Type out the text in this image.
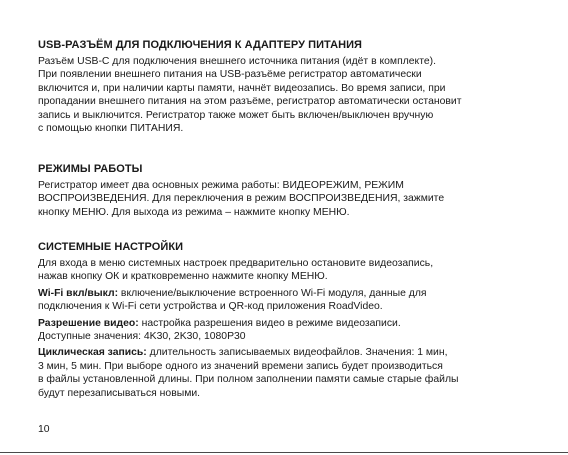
USB-РАЗЪЁМ ДЛЯ ПОДКЛЮЧЕНИЯ К АДАПТЕРУ ПИТАНИЯ

Разъём USB-С для подключения внешнего источника питания (идёт в комплекте).
При появлении внешнего питания на USB-разъёме регистратор автоматически
включится и, при наличии карты памяти, начнёт видеозапись. Во время записи, при
пропадании внешнего питания на этом разъёме, регистратор автоматически остановит
запись и выключится. Регистратор также может быть включен/выключен вручную
с помощью кнопки ПИТАНИЯ.

РЕЖИМЫ РАБОТЫ

Регистратор имеет два основных режима работы: ВИДЕОРЕЖИМ, РЕЖИМ
ВОСПРОИЗВЕДЕНИЯ. Для переключения в режим ВОСПРОИЗВЕДЕНИЯ, зажмите
кнопку МЕНЮ. Для выхода из режима – нажмите кнопку МЕНЮ.

СИСТЕМНЫЕ НАСТРОЙКИ

Для входа в меню системных настроек предварительно остановите видеозапись,
нажав кнопку ОК и кратковременно нажмите кнопку МЕНЮ.

Wi-Fi вкл/выкл: включение/выключение встроенного Wi-Fi модуля, данные для
подключения к Wi-Fi сети устройства и QR-код приложения RoadVideo.

Разрешение видео: настройка разрешения видео в режиме видеозаписи.
Доступные значения: 4K30, 2K30, 1080P30

Циклическая запись: длительность записываемых видеофайлов. Значения: 1 мин,
3 мин, 5 мин. При выборе одного из значений времени запись будет производиться
в файлы установленной длины. При полном заполнении памяти самые старые файлы
будут перезаписываться новыми.

10
